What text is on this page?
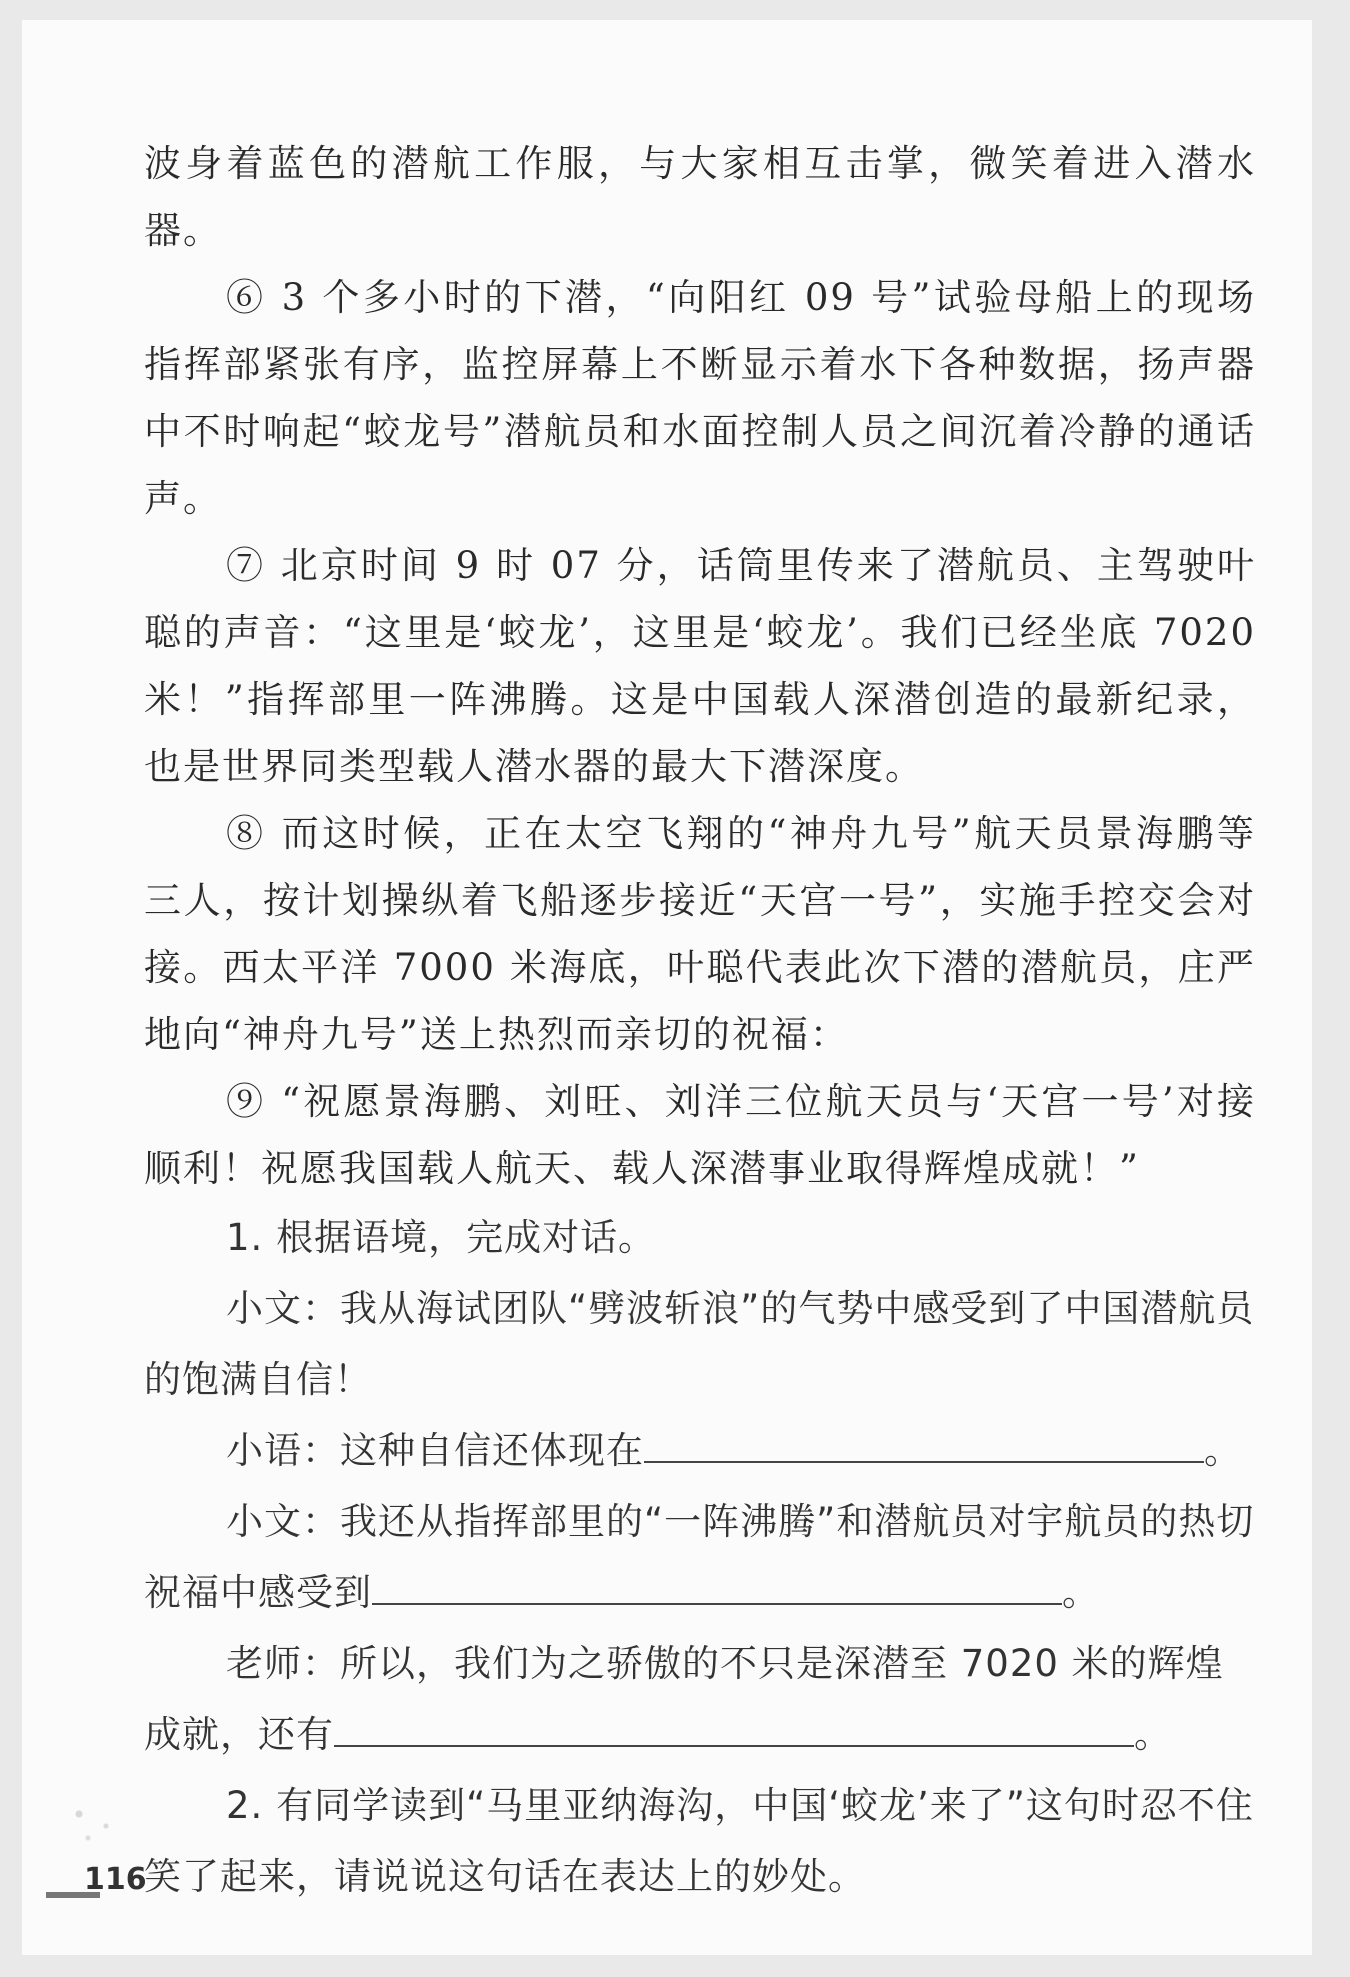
波身着蓝色的潜航工作服，与大家相互击掌，微笑着进入潜水器。

⑥ 3 个多小时的下潜，“向阳红 09 号”试验母船上的现场指挥部紧张有序，监控屏幕上不断显示着水下各种数据，扬声器中不时响起“蛟龙号”潜航员和水面控制人员之间沉着冷静的通话声。

⑦ 北京时间 9 时 07 分，话筒里传来了潜航员、主驾驶叶聪的声音：“这里是‘蛟龙’，这里是‘蛟龙’。我们已经坐底 7020 米！”指挥部里一阵沸腾。这是中国载人深潜创造的最新纪录，也是世界同类型载人潜水器的最大下潜深度。

⑧ 而这时候，正在太空飞翔的“神舟九号”航天员景海鹏等三人，按计划操纵着飞船逐步接近“天宫一号”，实施手控交会对接。西太平洋 7000 米海底，叶聪代表此次下潜的潜航员，庄严地向“神舟九号”送上热烈而亲切的祝福：

⑨ “祝愿景海鹏、刘旺、刘洋三位航天员与‘天宫一号’对接顺利！祝愿我国载人航天、载人深潜事业取得辉煌成就！”

1. 根据语境，完成对话。

小文：我从海试团队“劈波斩浪”的气势中感受到了中国潜航员的饱满自信！

小语：这种自信还体现在	。

小文：我还从指挥部里的“一阵沸腾”和潜航员对宇航员的热切祝福中感受到	。

老师：所以，我们为之骄傲的不只是深潜至 7020 米的辉煌成就，还有	。

2. 有同学读到“马里亚纳海沟，中国‘蛟龙’来了”这句时忍不住笑了起来，请说说这句话在表达上的妙处。

116
